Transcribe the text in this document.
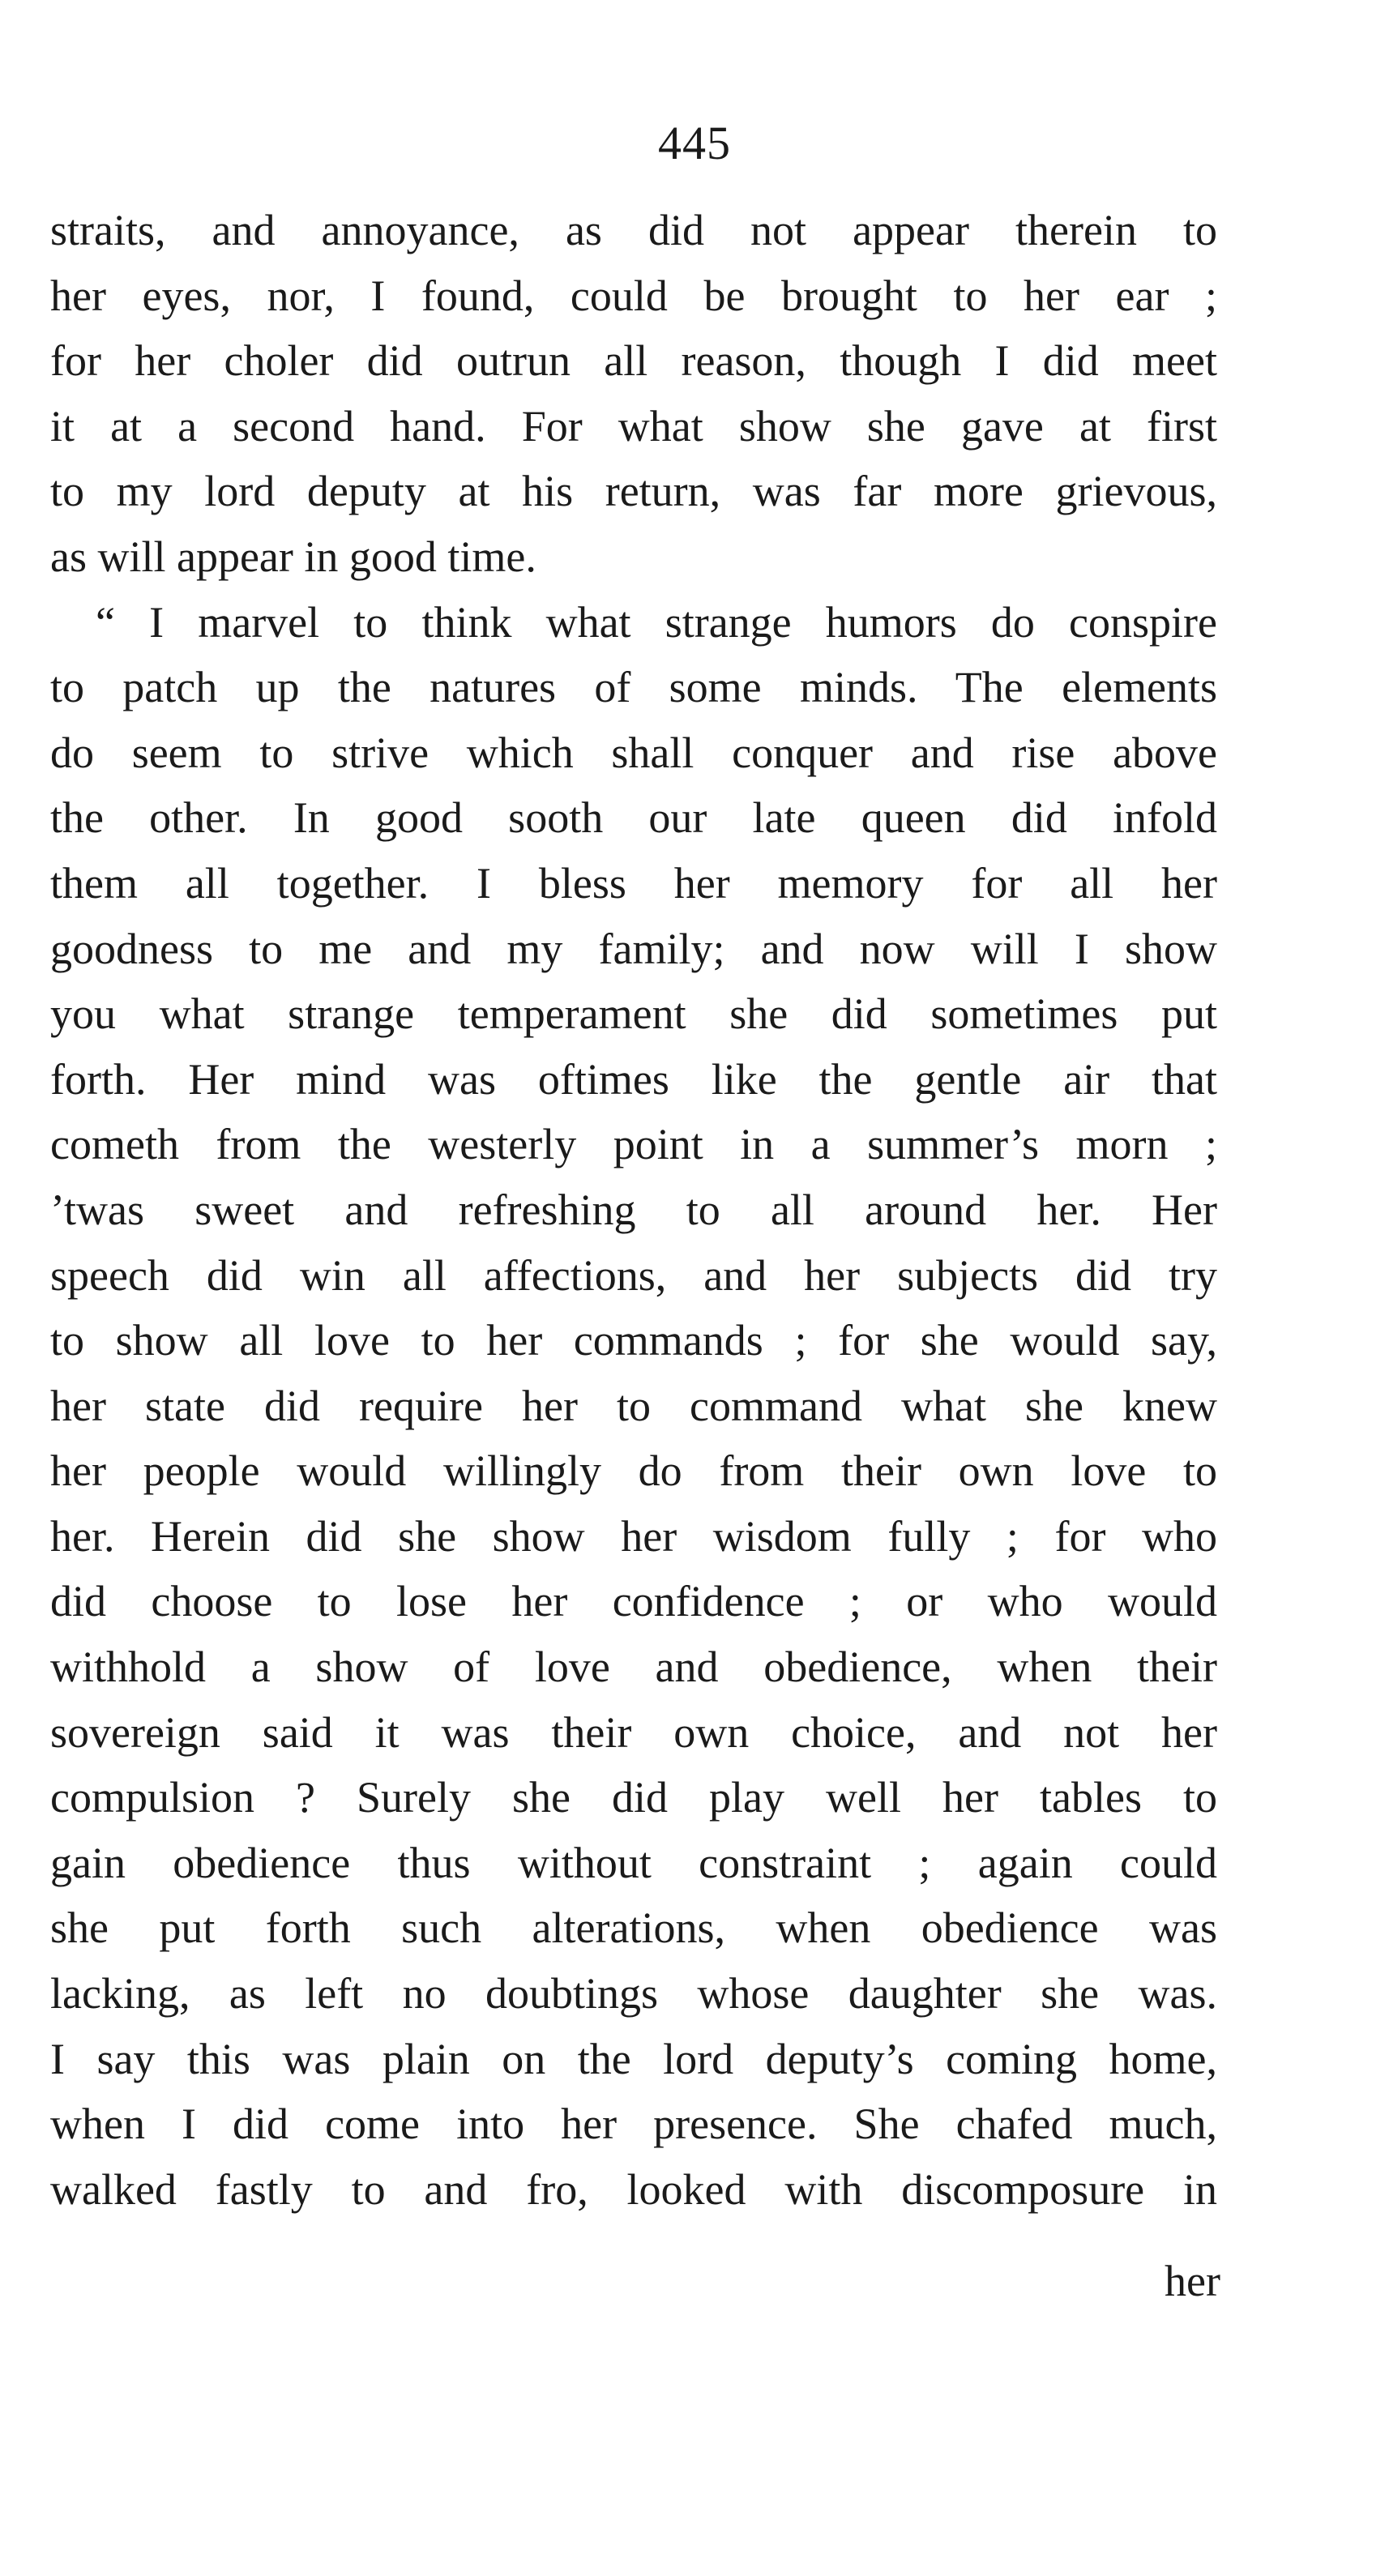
445
straits, and annoyance, as did not appear therein to
her eyes, nor, I found, could be brought to her ear ;
for her choler did outrun all reason, though I did meet
it at a second hand. For what show she gave at first
to my lord deputy at his return, was far more grievous,
as will appear in good time.
“ I marvel to think what strange humors do conspire
to patch up the natures of some minds. The elements
do seem to strive which shall conquer and rise above
the other. In good sooth our late queen did infold
them all together. I bless her memory for all her
goodness to me and my family; and now will I show
you what strange temperament she did sometimes put
forth. Her mind was oftimes like the gentle air that
cometh from the westerly point in a summer’s morn ;
’twas sweet and refreshing to all around her. Her
speech did win all affections, and her subjects did try
to show all love to her commands ; for she would say,
her state did require her to command what she knew
her people would willingly do from their own love to
her. Herein did she show her wisdom fully ; for who
did choose to lose her confidence ; or who would
withhold a show of love and obedience, when their
sovereign said it was their own choice, and not her
compulsion ? Surely she did play well her tables to
gain obedience thus without constraint ; again could
she put forth such alterations, when obedience was
lacking, as left no doubtings whose daughter she was.
I say this was plain on the lord deputy’s coming home,
when I did come into her presence. She chafed much,
walked fastly to and fro, looked with discomposure in
her
